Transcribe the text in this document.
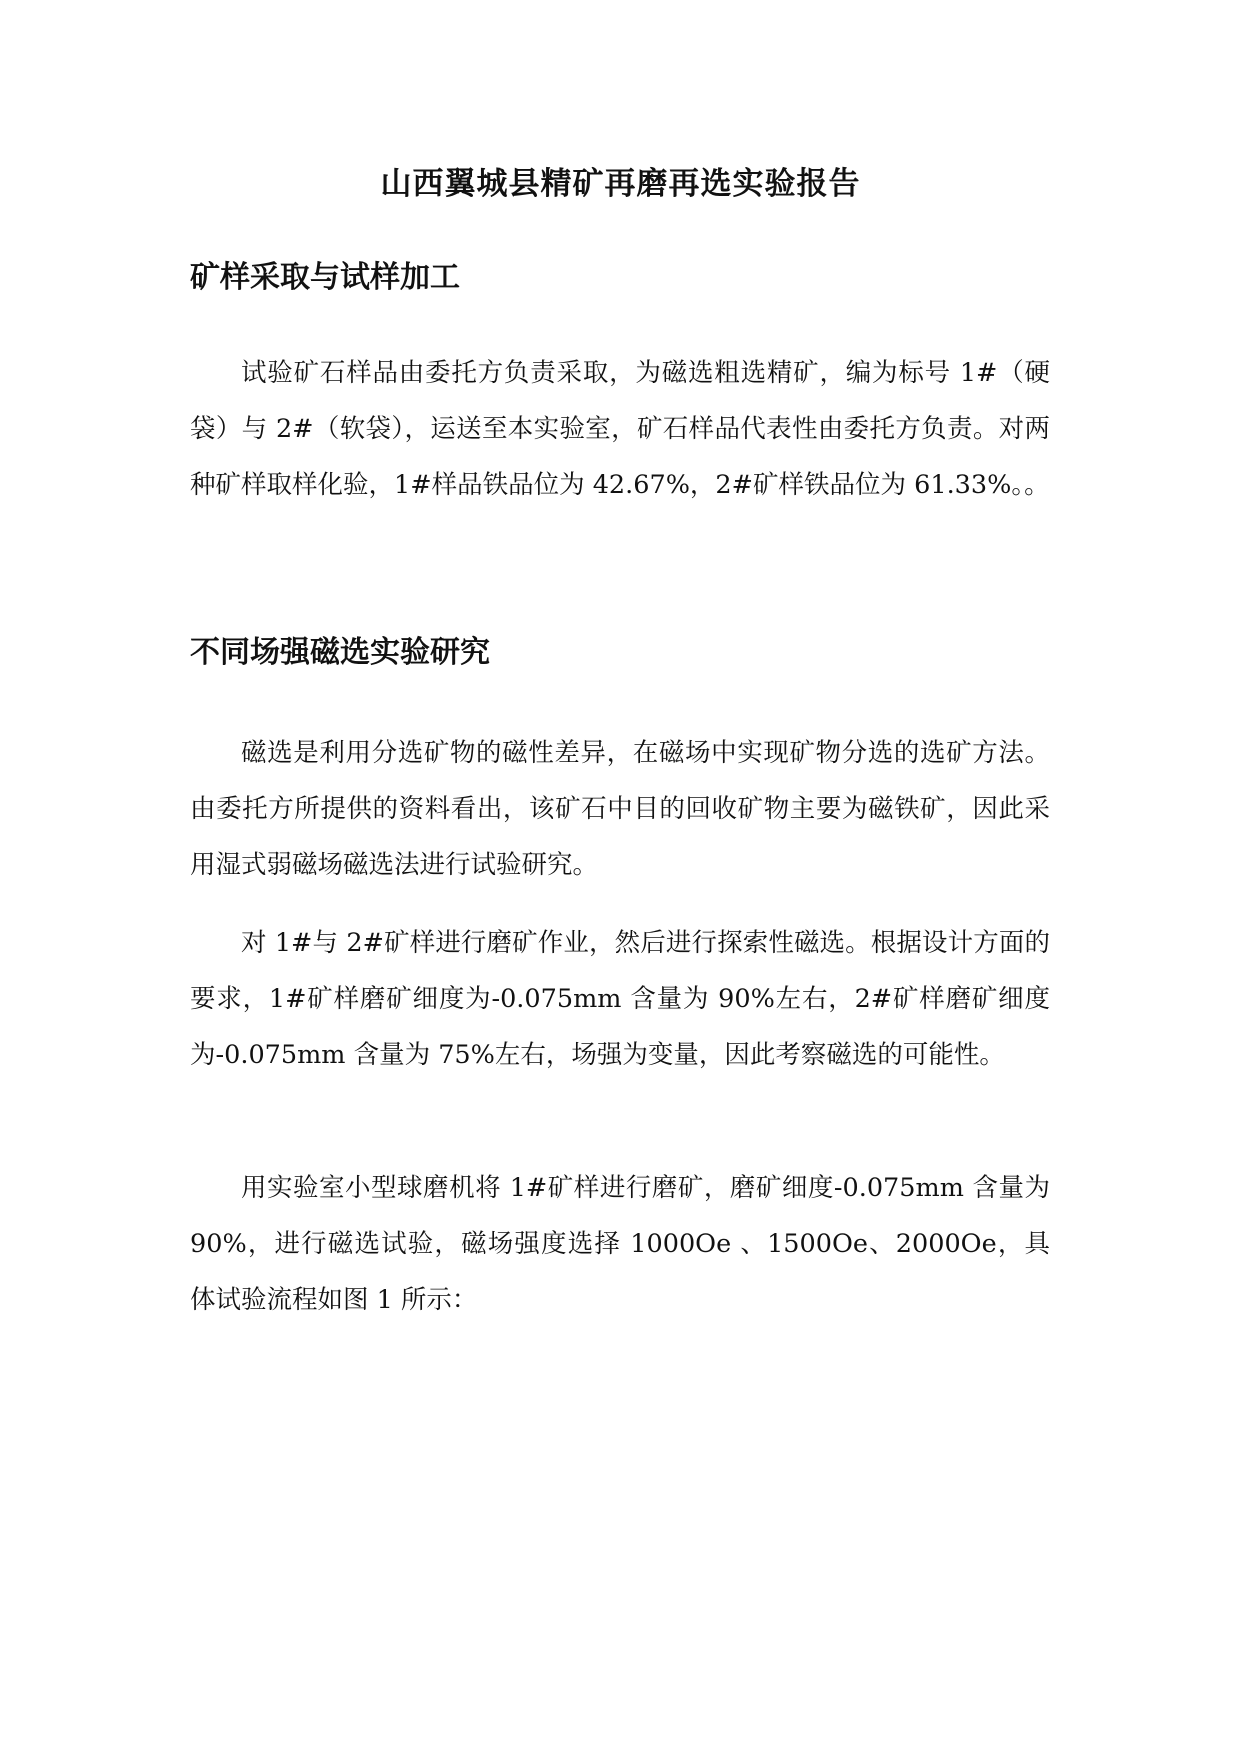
山西翼城县精矿再磨再选实验报告
矿样采取与试样加工

试验矿石样品由委托方负责采取，为磁选粗选精矿，编为标号 1#（硬袋）与 2#（软袋），运送至本实验室，矿石样品代表性由委托方负责。对两种矿样取样化验，1#样品铁品位为 42.67%，2#矿样铁品位为 61.33%。。

不同场强磁选实验研究

磁选是利用分选矿物的磁性差异，在磁场中实现矿物分选的选矿方法。由委托方所提供的资料看出，该矿石中目的回收矿物主要为磁铁矿，因此采用湿式弱磁场磁选法进行试验研究。

对 1#与 2#矿样进行磨矿作业，然后进行探索性磁选。根据设计方面的要求，1#矿样磨矿细度为-0.075mm 含量为 90%左右，2#矿样磨矿细度为-0.075mm 含量为 75%左右，场强为变量，因此考察磁选的可能性。

用实验室小型球磨机将 1#矿样进行磨矿，磨矿细度-0.075mm 含量为 90%，进行磁选试验，磁场强度选择 1000Oe 、1500Oe、2000Oe，具体试验流程如图 1 所示：
